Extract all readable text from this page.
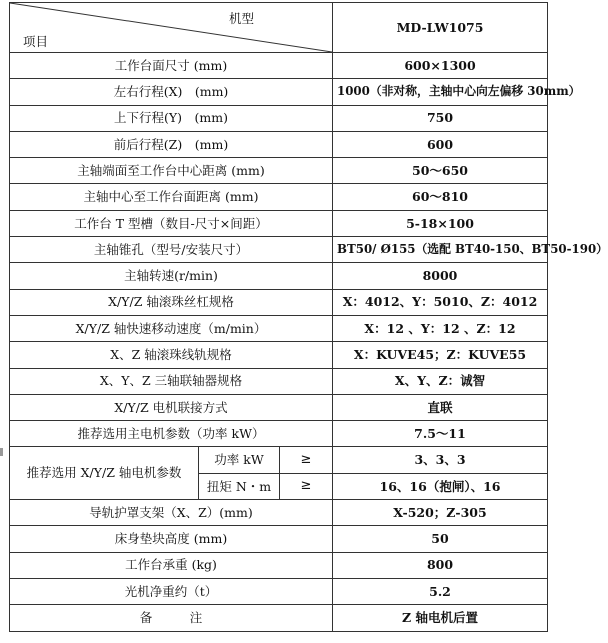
机型
项目			MD-LW1075
工作台面尺寸 (mm)			600×1300
左右行程(X)　(mm)			1000（非对称，主轴中心向左偏移 30mm）
上下行程(Y)　(mm)			750
前后行程(Z)　(mm)			600
主轴端面至工作台中心距离 (mm)			50～650
主轴中心至工作台面距离 (mm)			60～810
工作台 T 型槽（数目-尺寸×间距）			5-18×100
主轴锥孔（型号/安装尺寸）			BT50/ Ø155（选配 BT40-150、BT50-190）
主轴转速(r/min)			8000
X/Y/Z 轴滚珠丝杠规格			X：4012、Y：5010、Z：4012
X/Y/Z 轴快速移动速度（m/min）			X：12 、Y：12 、Z：12
X、Z 轴滚珠线轨规格			X：KUVE45；Z：KUVE55
X、Y、Z 三轴联轴器规格			X、Y、Z：诚智
X/Y/Z 电机联接方式			直联
推荐选用主电机参数（功率 kW）			7.5～11
推荐选用 X/Y/Z 轴电机参数	功率 kW	≥	3、3、3
	扭矩 N・m	≥	16、16（抱闸）、16
导轨护罩支架（X、Z）(mm)			X-520；Z-305
床身垫块高度 (mm)			50
工作台承重 (kg)			800
光机净重约（t）			5.2
备　　　注			Z 轴电机后置
